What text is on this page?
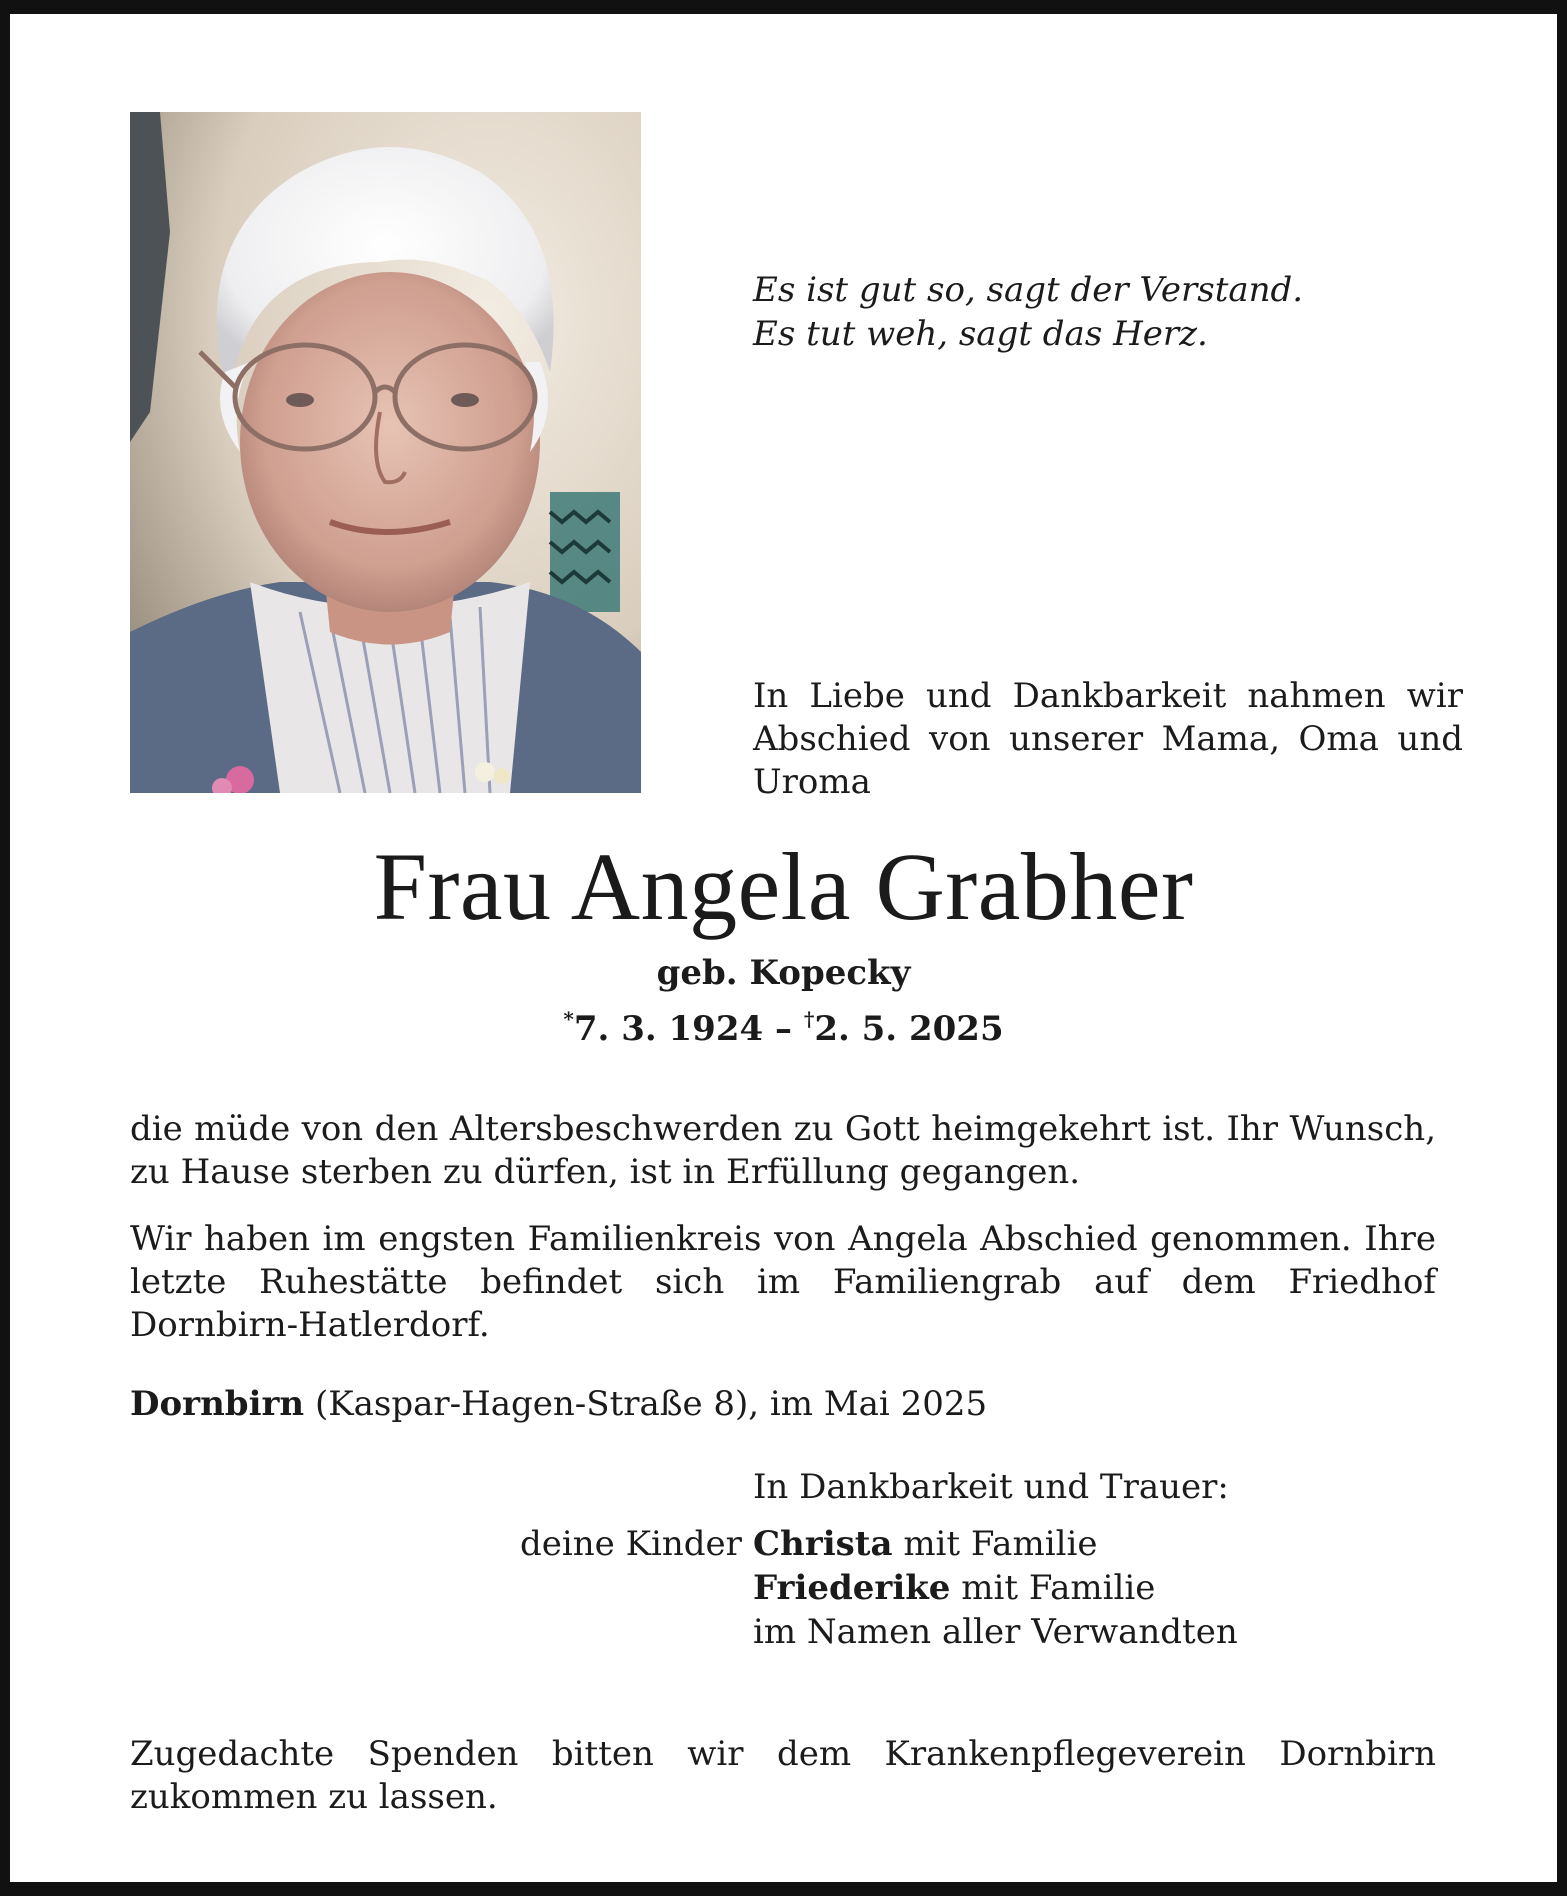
Es ist gut so, sagt der Verstand.
Es tut weh, sagt das Herz.
In Liebe und Dankbarkeit nahmen wir Abschied von unserer Mama, Oma und Uroma
Frau Angela Grabher
geb. Kopecky
*7. 3. 1924 – †2. 5. 2025
die müde von den Altersbeschwerden zu Gott heimgekehrt ist. Ihr Wunsch, zu Hause sterben zu dürfen, ist in Erfüllung gegangen.
Wir haben im engsten Familienkreis von Angela Abschied genommen. Ihre letzte Ruhestätte befindet sich im Familiengrab auf dem Friedhof Dornbirn-Hatlerdorf.
Dornbirn (Kaspar-Hagen-Straße 8), im Mai 2025
In Dankbarkeit und Trauer:
deine Kinder Christa mit Familie
Friederike mit Familie
im Namen aller Verwandten
Zugedachte Spenden bitten wir dem Krankenpflegeverein Dornbirn zukommen zu lassen.
